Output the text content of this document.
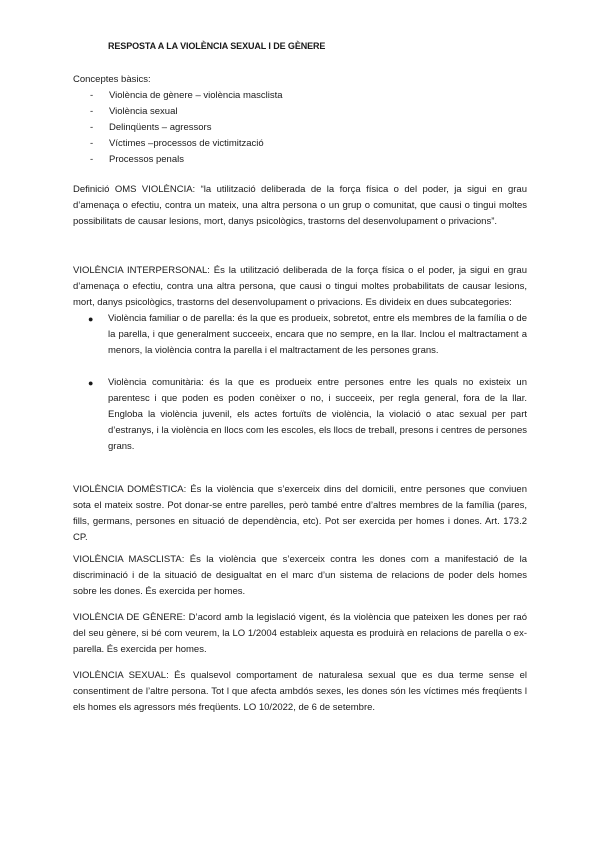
RESPOSTA A LA VIOLÈNCIA SEXUAL I DE GÈNERE
Conceptes bàsics:
- Violència de gènere – violència masclista
- Violència sexual
- Delinqüents – agressors
- Víctimes –processos de victimització
- Processos penals
Definició OMS VIOLÈNCIA: “la utilització deliberada de la força física o del poder, ja sigui en grau d’amenaça o efectiu, contra un mateix, una altra persona o un grup o comunitat, que causi o tingui moltes possibilitats de causar lesions, mort, danys psicològics, trastorns del desenvolupament o privacions”.
VIOLÈNCIA INTERPERSONAL: És la utilització deliberada de la força física o el poder, ja sigui en grau d’amenaça o efectiu, contra una altra persona, que causi o tingui moltes probabilitats de causar lesions, mort, danys psicològics, trastorns del desenvolupament o privacions. Es divideix en dues subcategories:
● Violència familiar o de parella: és la que es produeix, sobretot, entre els membres de la família o de la parella, i que generalment succeeix, encara que no sempre, en la llar. Inclou el maltractament a menors, la violència contra la parella i el maltractament de les persones grans.
● Violència comunitària: és la que es produeix entre persones entre les quals no existeix un parentesc i que poden es poden conèixer o no, i succeeix, per regla general, fora de la llar. Engloba la violència juvenil, els actes fortuïts de violència, la violació o atac sexual per part d’estranys, i la violència en llocs com les escoles, els llocs de treball, presons i centres de persones grans.
VIOLÈNCIA DOMÈSTICA: És la violència que s’exerceix dins del domicili, entre persones que conviuen sota el mateix sostre. Pot donar-se entre parelles, però també entre d’altres membres de la família (pares, fills, germans, persones en situació de dependència, etc). Pot ser exercida per homes i dones. Art. 173.2 CP.
VIOLÈNCIA MASCLISTA: És la violència que s’exerceix contra les dones com a manifestació de la discriminació i de la situació de desigualtat en el marc d’un sistema de relacions de poder dels homes sobre les dones. És exercida per homes.
VIOLÈNCIA DE GÈNERE: D’acord amb la legislació vigent, és la violència que pateixen les dones per raó del seu gènere, si bé com veurem, la LO 1/2004 estableix aquesta es produirà en relacions de parella o ex-parella. És exercida per homes.
VIOLÈNCIA SEXUAL: És qualsevol comportament de naturalesa sexual que es dua terme sense el consentiment de l’altre persona. Tot l que afecta ambdós sexes, les dones són les víctimes més freqüents l els homes els agressors més freqüents. LO 10/2022, de 6 de setembre.
